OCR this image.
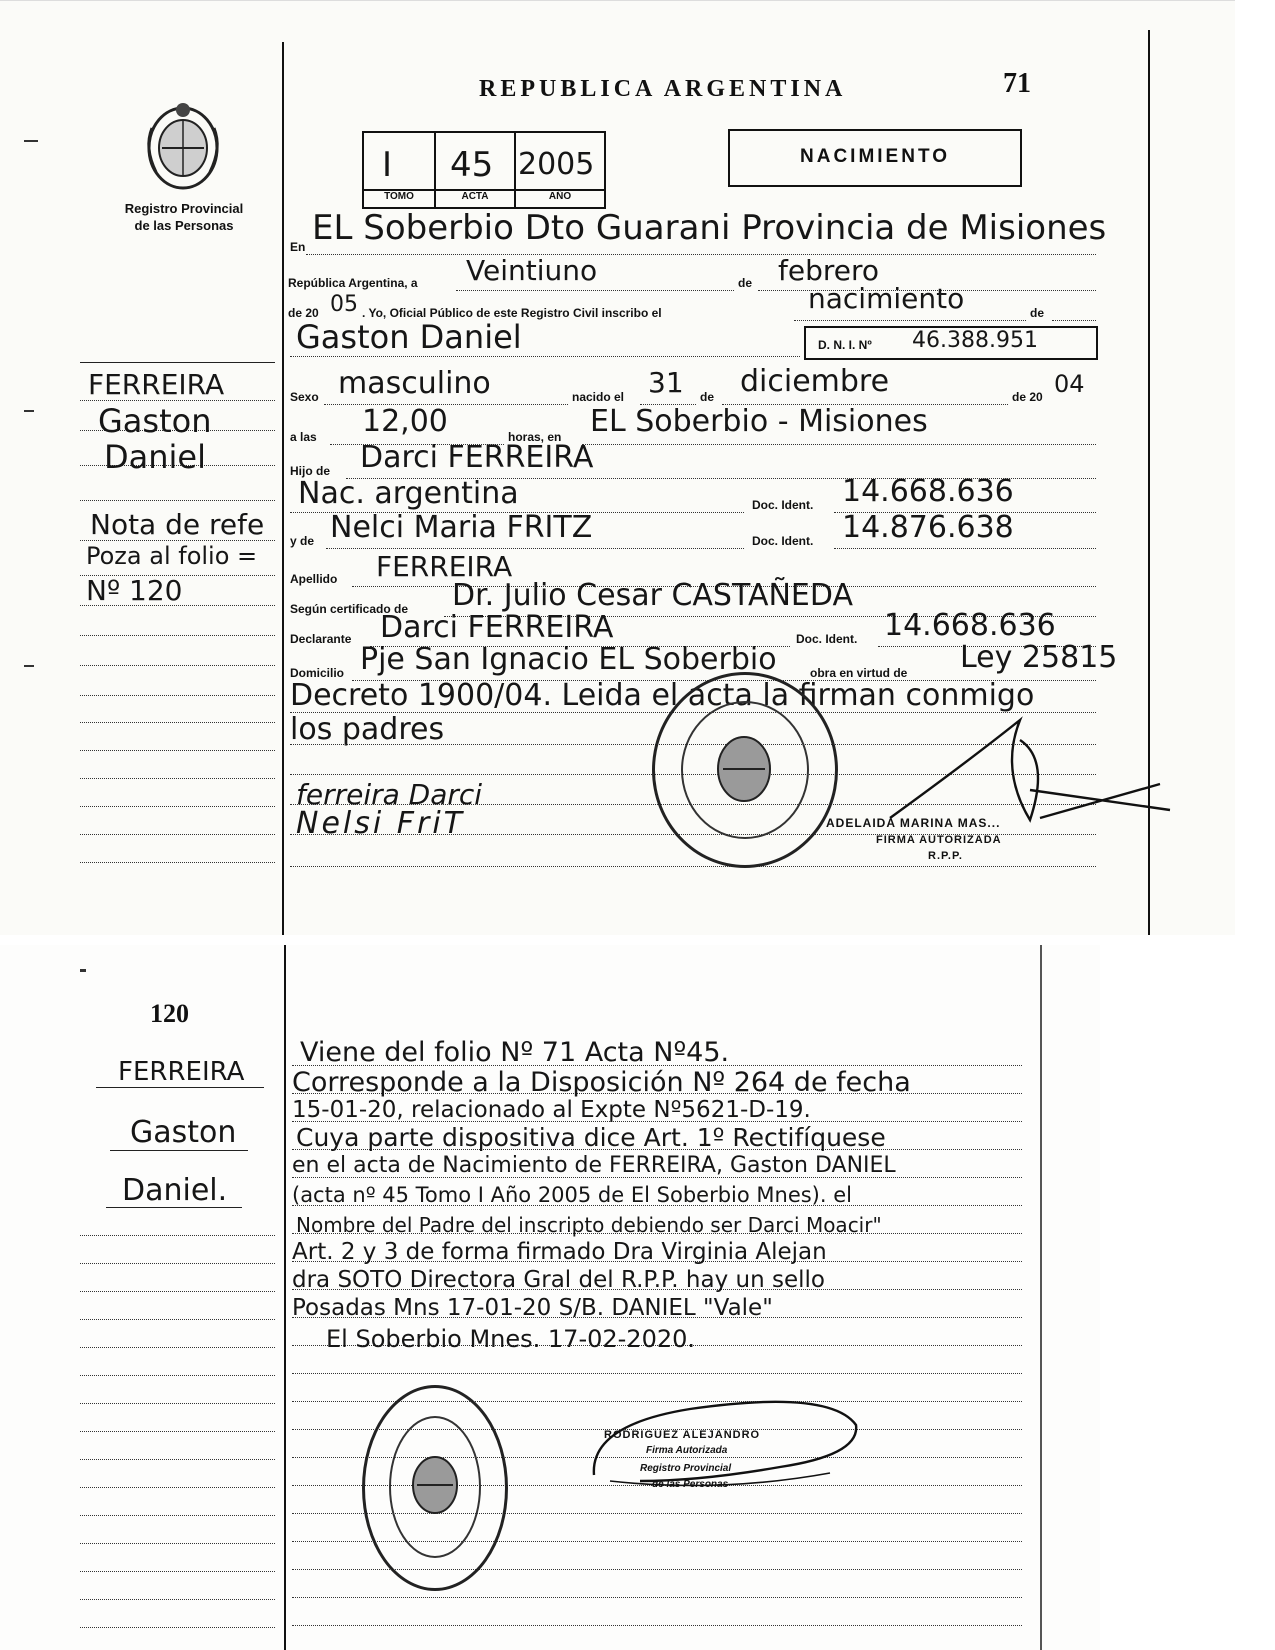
Registro Provincial
de las Personas
REPUBLICA ARGENTINA	71
I 45 2005
TOMO	ACTA	AÑO
NACIMIENTO
FERREIRA
Gaston
Daniel
Nota de refe
Poza al folio =
Nº 120
En EL Soberbio Dto Guarani Provincia de Misiones
República Argentina, a	de
Veintiuno	febrero
de 20 05 . Yo, Oficial Público de este Registro Civil inscribo el	nacimiento	de
Gaston Daniel	D. N. I. Nº 46.388.951
Sexo masculino	nacido el 31 de diciembre	de 20 04
a las 12,00	horas, en EL Soberbio - Misiones
Hijo de Darci FERREIRA
Nac. argentina	Doc. Ident. 14.668.636
y de Nelci Maria FRITZ	Doc. Ident. 14.876.638
Apellido FERREIRA
Según certificado de Dr. Julio Cesar CASTAÑEDA
Declarante Darci FERREIRA	Doc. Ident. 14.668.636
Domicilio Pje San Ignacio EL Soberbio	obra en virtud de Ley 25815
Decreto 1900/04. Leida el acta la firman conmigo
los padres
ferreira Darci
Nelsi FriT	ADELAIDA MARINA MAS...
FIRMA AUTORIZADA
R.P.P.
120
FERREIRA
Gaston
Daniel.
Viene del folio Nº 71 Acta Nº45.
Corresponde a la Disposición Nº 264 de fecha
15-01-20, relacionado al Expte Nº5621-D-19.
Cuya parte dispositiva dice Art. 1º Rectifíquese
en el acta de Nacimiento de FERREIRA, Gaston DANIEL
(acta nº 45 Tomo I Año 2005 de El Soberbio Mnes). el
Nombre del Padre del inscripto debiendo ser Darci Moacir"
Art. 2 y 3 de forma firmado Dra Virginia Alejan
dra SOTO Directora Gral del R.P.P. hay un sello
Posadas Mns 17-01-20 S/B. DANIEL "Vale"
El Soberbio Mnes. 17-02-2020.
RODRIGUEZ ALEJANDRO
Firma Autorizada
Registro Provincial
de las Personas
